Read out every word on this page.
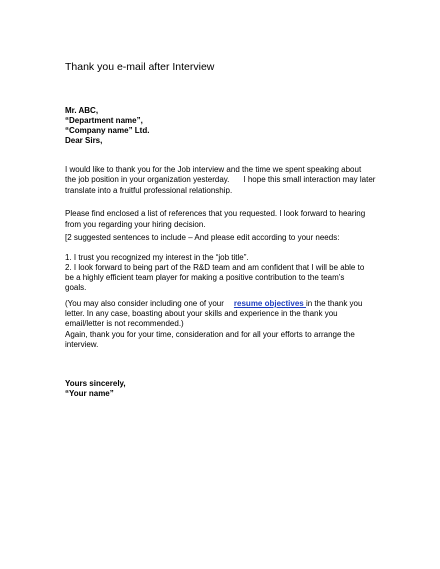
Thank you e-mail after Interview
Mr. ABC,
“Department name”,
“Company name” Ltd.
Dear Sirs,
I would like to thank you for the Job interview and the time we spent speaking about
the job position in your organization yesterday. I hope this small interaction may later
translate into a fruitful professional relationship.
Please find enclosed a list of references that you requested. I look forward to hearing
from you regarding your hiring decision.
[2 suggested sentences to include – And please edit according to your needs:
1. I trust you recognized my interest in the “job title”.
2. I look forward to being part of the R&D team and am confident that I will be able to
be a highly efficient team player for making a positive contribution to the team’s
goals.
(You may also consider including one of your resume objectives in the thank you
letter. In any case, boasting about your skills and experience in the thank you
email/letter is not recommended.)
Again, thank you for your time, consideration and for all your efforts to arrange the
interview.
Yours sincerely,
“Your name”
